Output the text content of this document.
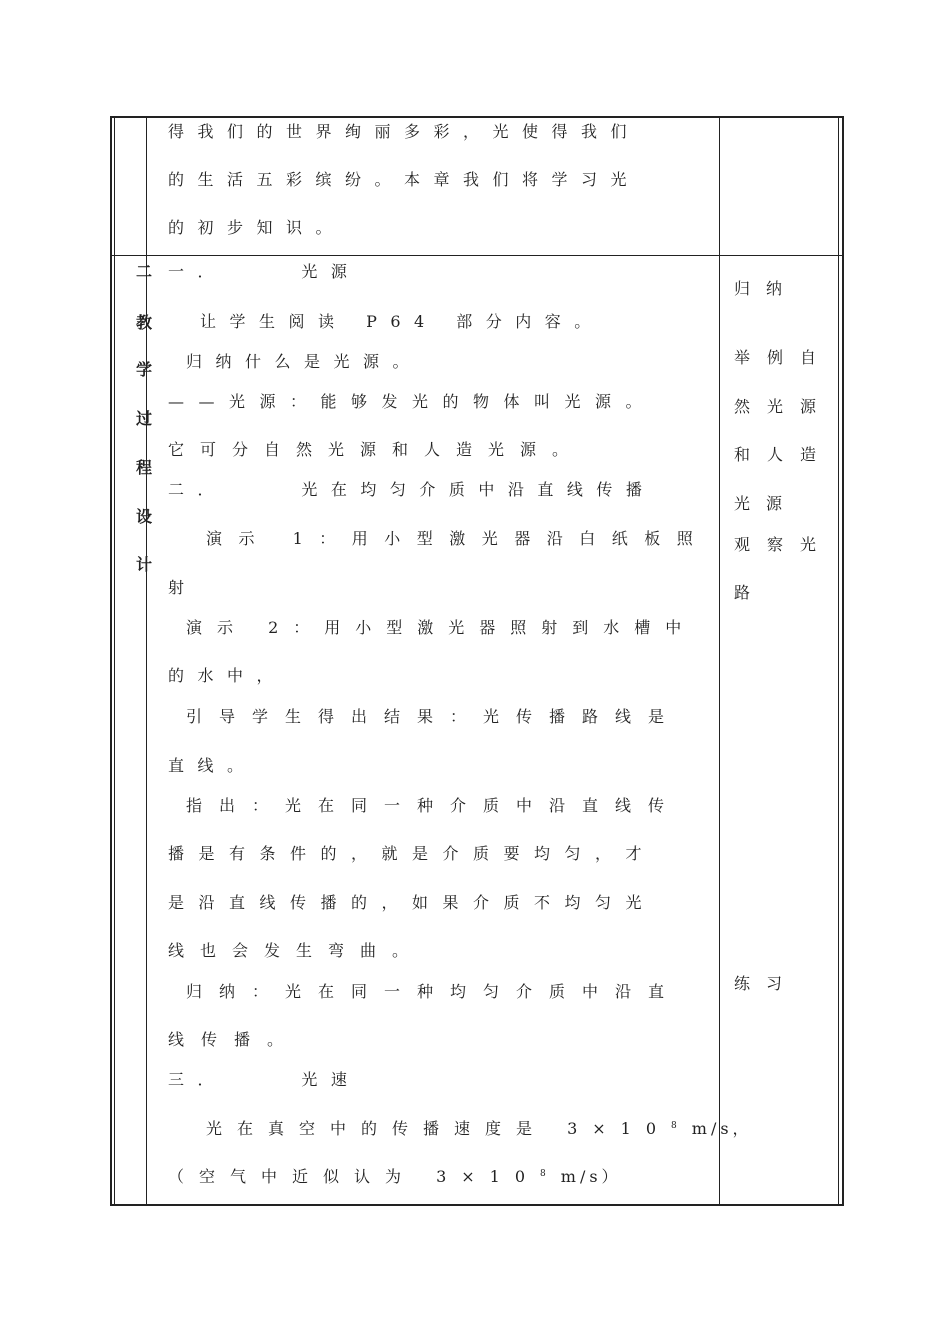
得我们的世界绚丽多彩，光使得我们
的生活五彩缤纷。本章我们将学习光
的初步知识。
二
教
学
过
程
设
计
一．    光源
让学生阅读 P64 部分内容。
归纳什么是光源。
——光源：能够发光的物体叫光源。
它可分自然光源和人造光源。
二．    光在均匀介质中沿直线传播
演示 1：用小型激光器沿白纸板照
射
演示 2：用小型激光器照射到水槽中
的水中，
引导学生得出结果：光传播路线是
直线。
指出：光在同一种介质中沿直线传
播是有条件的，就是介质要均匀，才
是沿直线传播的，如果介质不均匀光
线也会发生弯曲。
归纳：光在同一种均匀介质中沿直
线传播。
三．    光速
光在真空中的传播速度是 $3\times 10^8m/s$，
（空气中近似认为 $3\times 10^8m/s$）
归纳
举例自
然光源
和人造
光源
观察光
路
练习
